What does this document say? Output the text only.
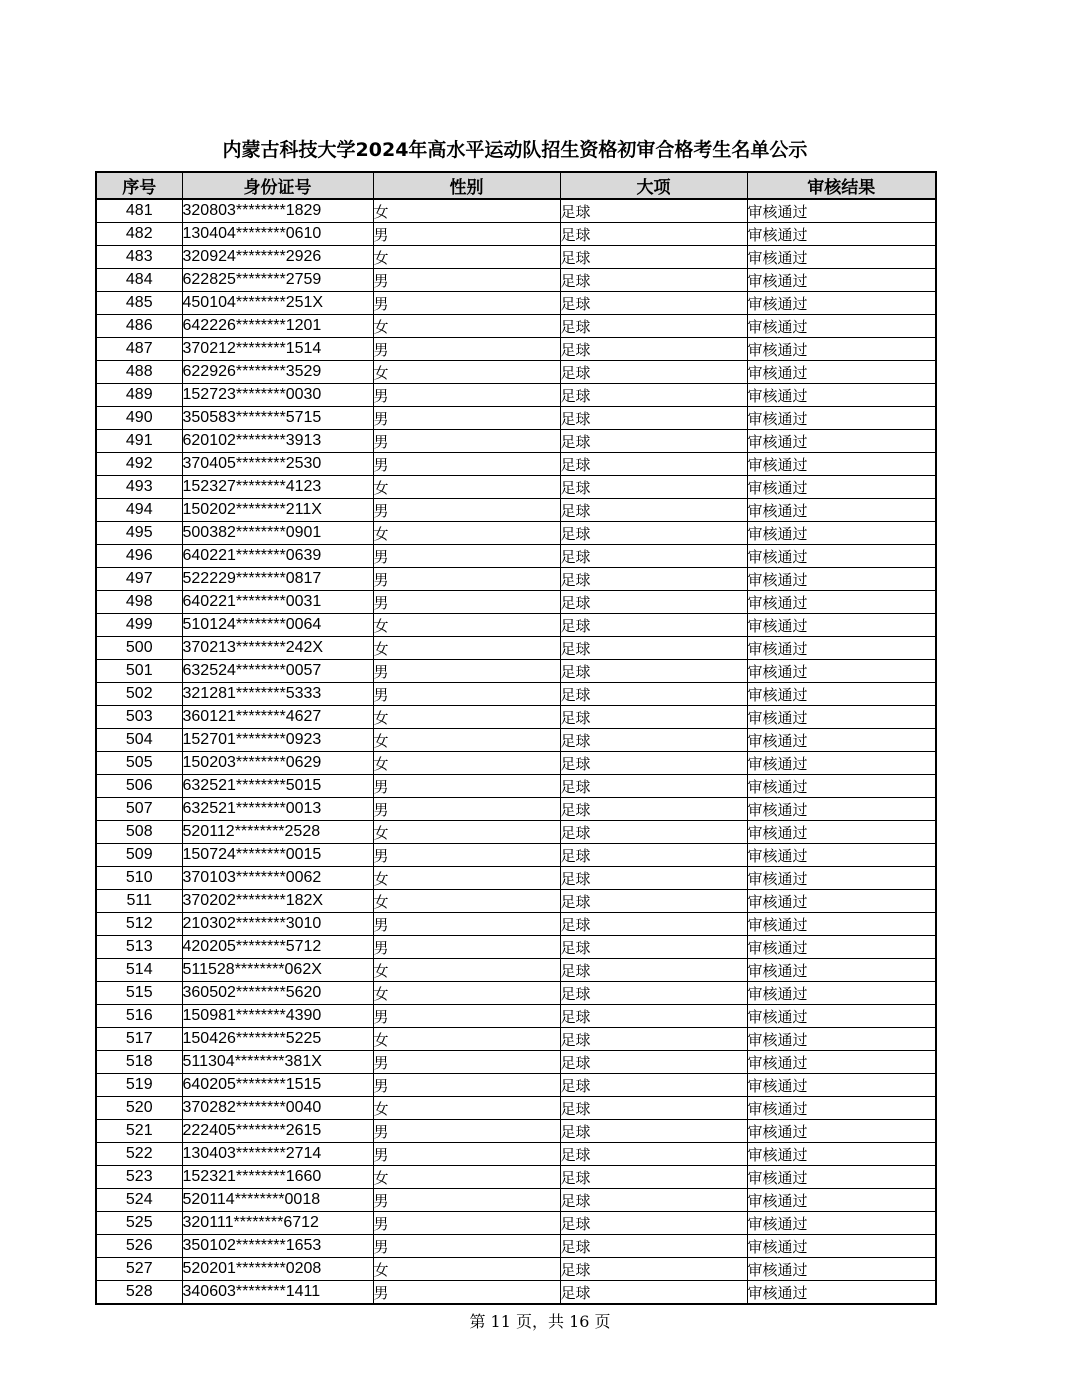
内蒙古科技大学2024年高水平运动队招生资格初审合格考生名单公示
序号	身份证号	性别	大项	审核结果
481	320803********1829	女	足球	审核通过
482	130404********0610	男	足球	审核通过
483	320924********2926	女	足球	审核通过
484	622825********2759	男	足球	审核通过
485	450104********251X	男	足球	审核通过
486	642226********1201	女	足球	审核通过
487	370212********1514	男	足球	审核通过
488	622926********3529	女	足球	审核通过
489	152723********0030	男	足球	审核通过
490	350583********5715	男	足球	审核通过
491	620102********3913	男	足球	审核通过
492	370405********2530	男	足球	审核通过
493	152327********4123	女	足球	审核通过
494	150202********211X	男	足球	审核通过
495	500382********0901	女	足球	审核通过
496	640221********0639	男	足球	审核通过
497	522229********0817	男	足球	审核通过
498	640221********0031	男	足球	审核通过
499	510124********0064	女	足球	审核通过
500	370213********242X	女	足球	审核通过
501	632524********0057	男	足球	审核通过
502	321281********5333	男	足球	审核通过
503	360121********4627	女	足球	审核通过
504	152701********0923	女	足球	审核通过
505	150203********0629	女	足球	审核通过
506	632521********5015	男	足球	审核通过
507	632521********0013	男	足球	审核通过
508	520112********2528	女	足球	审核通过
509	150724********0015	男	足球	审核通过
510	370103********0062	女	足球	审核通过
511	370202********182X	女	足球	审核通过
512	210302********3010	男	足球	审核通过
513	420205********5712	男	足球	审核通过
514	511528********062X	女	足球	审核通过
515	360502********5620	女	足球	审核通过
516	150981********4390	男	足球	审核通过
517	150426********5225	女	足球	审核通过
518	511304********381X	男	足球	审核通过
519	640205********1515	男	足球	审核通过
520	370282********0040	女	足球	审核通过
521	222405********2615	男	足球	审核通过
522	130403********2714	男	足球	审核通过
523	152321********1660	女	足球	审核通过
524	520114********0018	男	足球	审核通过
525	320111********6712	男	足球	审核通过
526	350102********1653	男	足球	审核通过
527	520201********0208	女	足球	审核通过
528	340603********1411	男	足球	审核通过
第 11 页，共 16 页
